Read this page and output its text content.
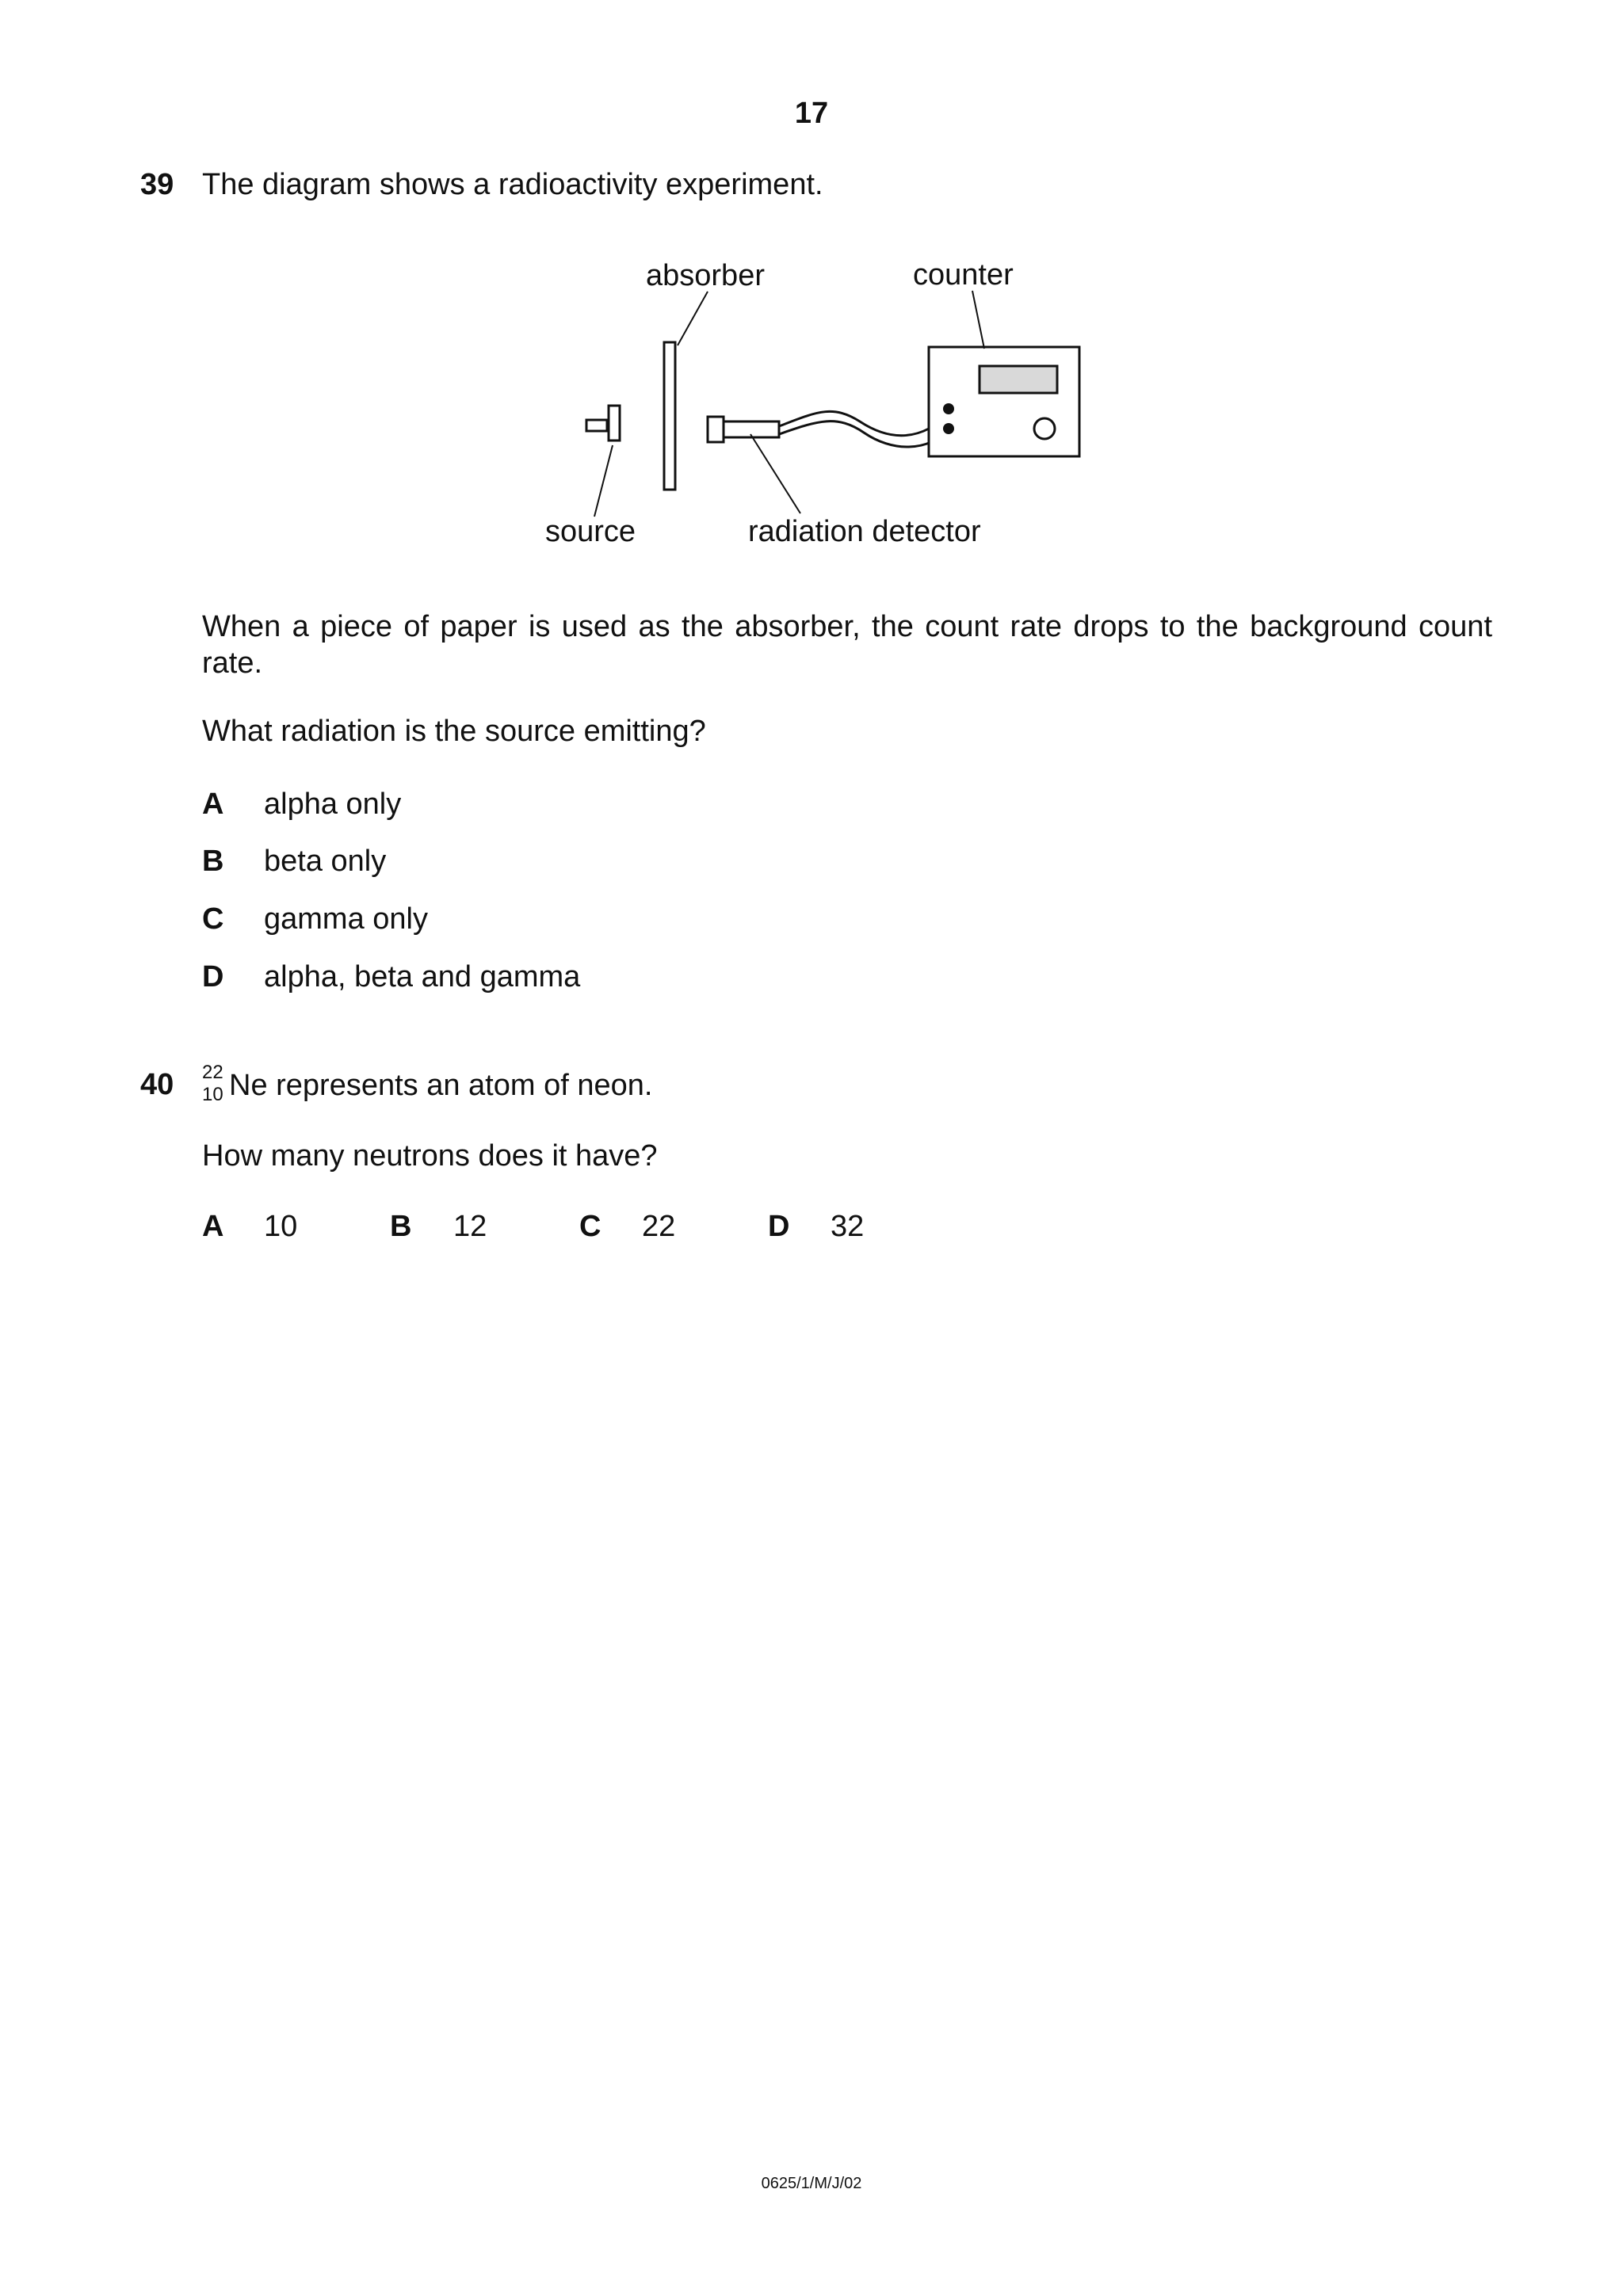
17
39 The diagram shows a radioactivity experiment.
absorber	counter
source	radiation detector
When a piece of paper is used as the absorber, the count rate drops to the background count rate.
What radiation is the source emitting?
A alpha only
B beta only
C gamma only
D alpha, beta and gamma
40 22
10 Ne represents an atom of neon.
How many neutrons does it have?
A 10	B 12	C 22	D 32
0625/1/M/J/02
